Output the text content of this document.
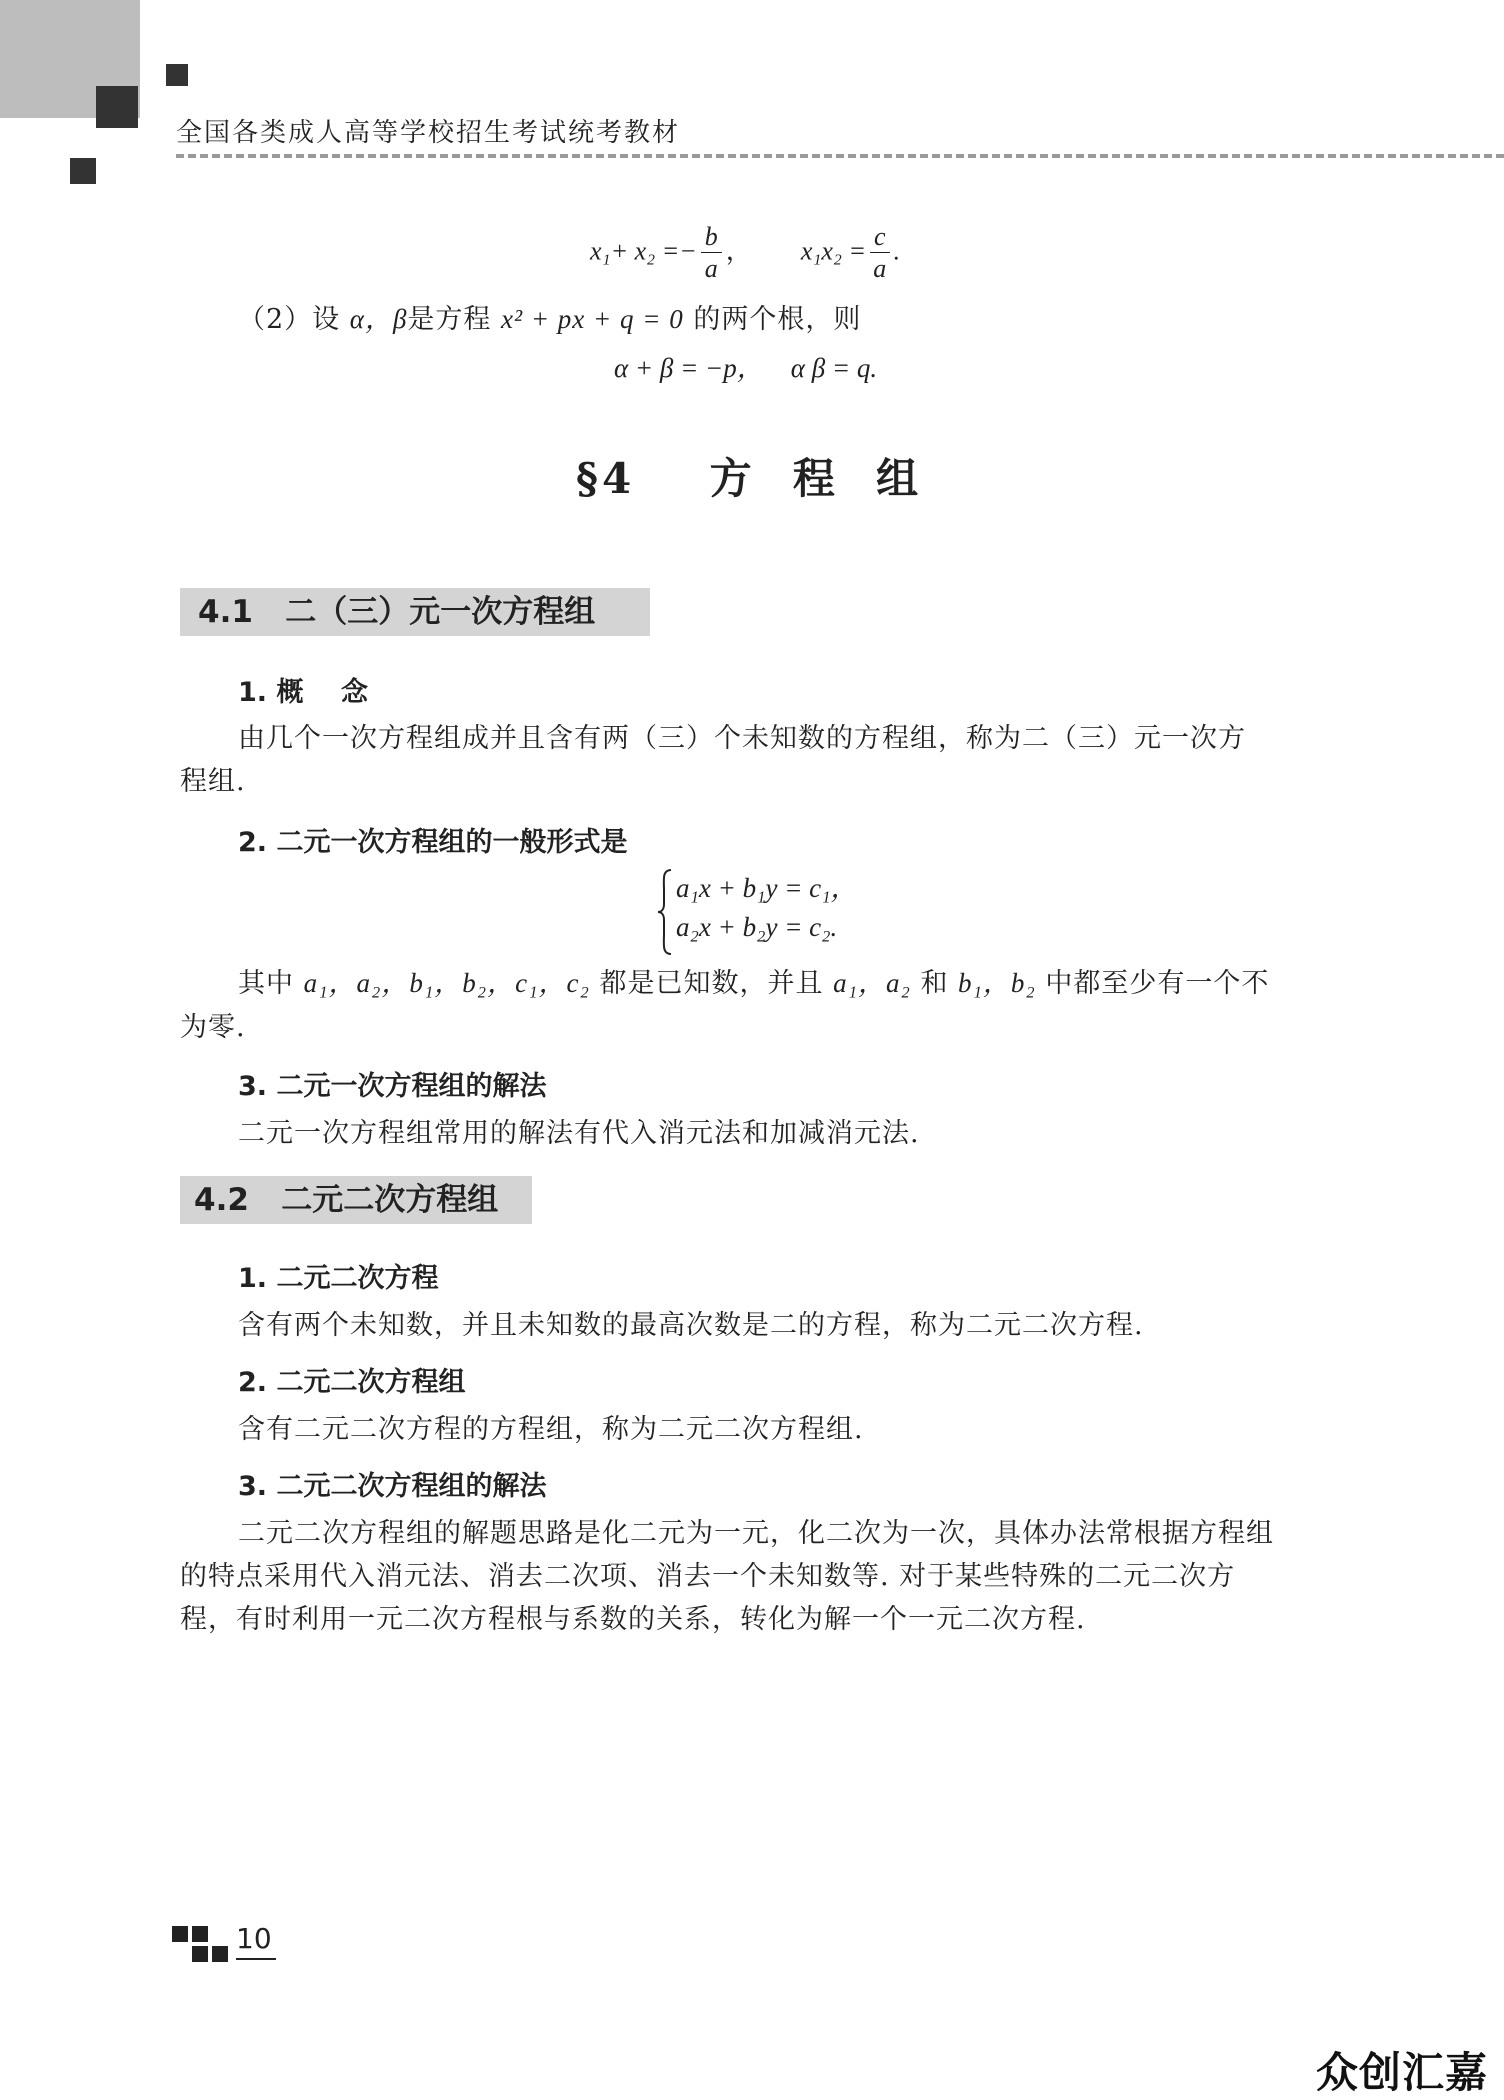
全国各类成人高等学校招生考试统考教材
$x_1+ x_2 =- \frac{b}{a}$ ， $x_1x_2 = \frac{c}{a}$ .
（2）设 α，β是方程 x² + px + q = 0 的两个根，则
α + β = −p，    α β = q.
§4    方  程  组
4.1   二（三）元一次方程组
1. 概    念
由几个一次方程组成并且含有两（三）个未知数的方程组，称为二（三）元一次方
程组.
2. 二元一次方程组的一般形式是
a₁x + b₁y = c₁，
a₂x + b₂y = c₂.
其中 a₁，a₂，b₁，b₂，c₁，c₂ 都是已知数，并且 a₁，a₂ 和 b₁，b₂ 中都至少有一个不
为零.
3. 二元一次方程组的解法
二元一次方程组常用的解法有代入消元法和加减消元法.
4.2   二元二次方程组
1. 二元二次方程
含有两个未知数，并且未知数的最高次数是二的方程，称为二元二次方程.
2. 二元二次方程组
含有二元二次方程的方程组，称为二元二次方程组.
3. 二元二次方程组的解法
二元二次方程组的解题思路是化二元为一元，化二次为一次，具体办法常根据方程组
的特点采用代入消元法、消去二次项、消去一个未知数等. 对于某些特殊的二元二次方
程，有时利用一元二次方程根与系数的关系，转化为解一个一元二次方程.
10
众创汇嘉
